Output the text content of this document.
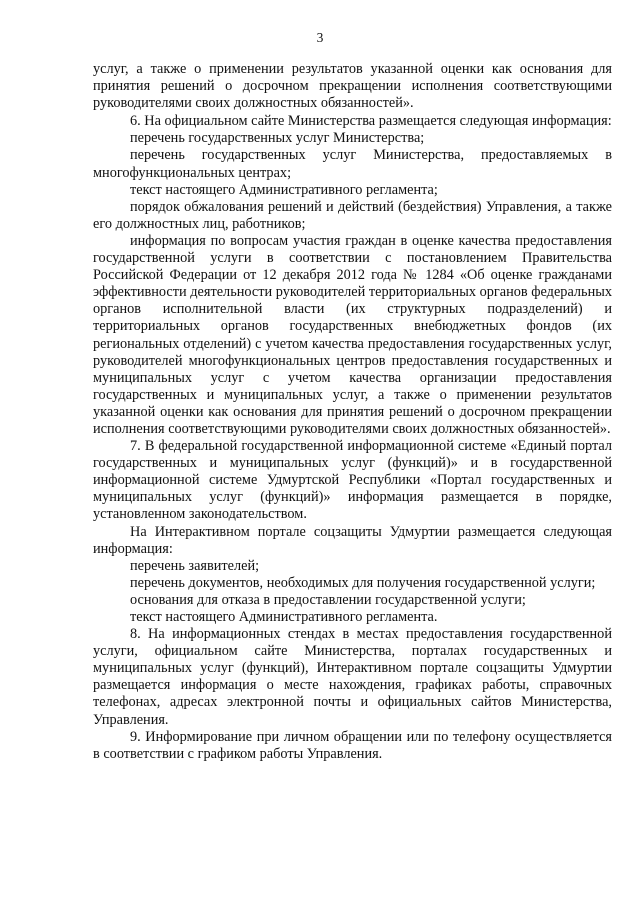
3

услуг, а также о применении результатов указанной оценки как основания для принятия решений о досрочном прекращении исполнения соответствующими руководителями своих должностных обязанностей».

6. На официальном сайте Министерства размещается следующая информация:

перечень государственных услуг Министерства;

перечень государственных услуг Министерства, предоставляемых в многофункциональных центрах;

текст настоящего Административного регламента;

порядок обжалования решений и действий (бездействия) Управления, а также его должностных лиц, работников;

информация по вопросам участия граждан в оценке качества предоставления государственной услуги в соответствии с постановлением Правительства Российской Федерации от 12 декабря 2012 года № 1284 «Об оценке гражданами эффективности деятельности руководителей территориальных органов федеральных органов исполнительной власти (их структурных подразделений) и территориальных органов государственных внебюджетных фондов (их региональных отделений) с учетом качества предоставления государственных услуг, руководителей многофункциональных центров предоставления государственных и муниципальных услуг с учетом качества организации предоставления государственных и муниципальных услуг, а также о применении результатов указанной оценки как основания для принятия решений о досрочном прекращении исполнения соответствующими руководителями своих должностных обязанностей».

7. В федеральной государственной информационной системе «Единый портал государственных и муниципальных услуг (функций)» и в государственной информационной системе Удмуртской Республики «Портал государственных и муниципальных услуг (функций)» информация размещается в порядке, установленном законодательством.

На Интерактивном портале соцзащиты Удмуртии размещается следующая информация:

перечень заявителей;

перечень документов, необходимых для получения государственной услуги;

основания для отказа в предоставлении государственной услуги;

текст настоящего Административного регламента.

8. На информационных стендах в местах предоставления государственной услуги, официальном сайте Министерства, порталах государственных и муниципальных услуг (функций), Интерактивном портале соцзащиты Удмуртии размещается информация о месте нахождения, графиках работы, справочных телефонах, адресах электронной почты и официальных сайтов Министерства, Управления.

9. Информирование при личном обращении или по телефону осуществляется в соответствии с графиком работы Управления.
